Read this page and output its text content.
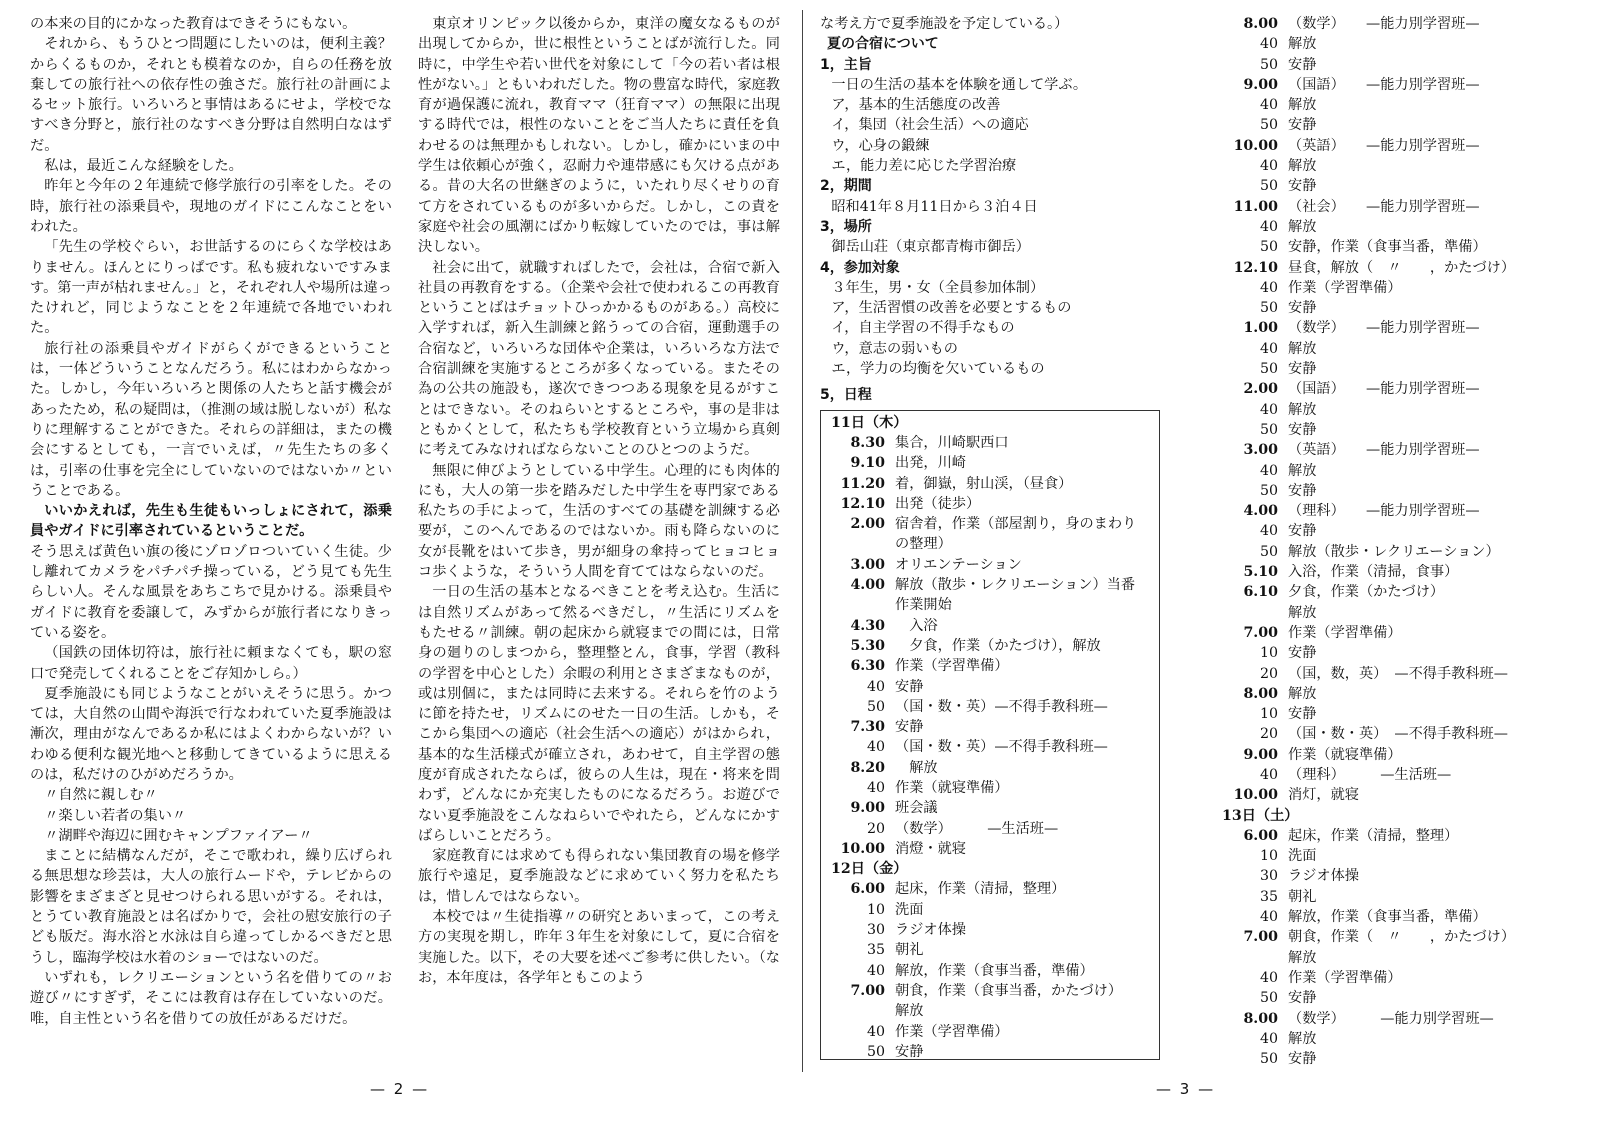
の本来の目的にかなった教育はできそうにもない。

それから、もうひとつ問題にしたいのは，便利主義？からくるものか，それとも模着なのか，自らの任務を放棄しての旅行社への依存性の強さだ。旅行社の計画によるセット旅行。いろいろと事情はあるにせよ，学校でなすべき分野と，旅行社のなすべき分野は自然明白なはずだ。

私は，最近こんな経験をした。

昨年と今年の２年連続で修学旅行の引率をした。その時，旅行社の添乗員や，現地のガイドにこんなことをいわれた。

「先生の学校ぐらい，お世話するのにらくな学校はありません。ほんとにりっぱです。私も疲れないですみます。第一声が枯れません。」と，それぞれ人や場所は違ったけれど，同じようなことを２年連続で各地でいわれた。

旅行社の添乗員やガイドがらくができるということは，一体どういうことなんだろう。私にはわからなかった。しかし，今年いろいろと関係の人たちと話す機会があったため，私の疑問は，（推測の域は脱しないが）私なりに理解することができた。それらの詳細は，またの機会にするとしても，一言でいえば，〃先生たちの多くは，引率の仕事を完全にしていないのではないか〃ということである。

いいかえれば，先生も生徒もいっしょにされて，添乗員やガイドに引率されているということだ。

そう思えば黄色い旗の後にゾロゾロついていく生徒。少し離れてカメラをパチパチ操っている，どう見ても先生らしい人。そんな風景をあちこちで見かける。添乗員やガイドに教育を委譲して，みずからが旅行者になりきっている姿を。

（国鉄の団体切符は，旅行社に頼まなくても，駅の窓口で発売してくれることをご存知かしら。）

夏季施設にも同じようなことがいえそうに思う。かつては，大自然の山間や海浜で行なわれていた夏季施設は漸次，理由がなんであるか私にはよくわからないが？いわゆる便利な観光地へと移動してきているように思えるのは，私だけのひがめだろうか。

〃自然に親しむ〃

〃楽しい若者の集い〃

〃湖畔や海辺に囲むキャンプファイアー〃

まことに結構なんだが，そこで歌われ，繰り広げられる無思想な珍芸は，大人の旅行ムードや，テレビからの影響をまざまざと見せつけられる思いがする。それは，とうてい教育施設とは名ばかりで，会社の慰安旅行の子ども版だ。海水浴と水泳は自ら違ってしかるべきだと思うし，臨海学校は水着のショーではないのだ。

いずれも，レクリエーションという名を借りての〃お遊び〃にすぎず，そこには教育は存在していないのだ。唯，自主性という名を借りての放任があるだけだ。

東京オリンピック以後からか，東洋の魔女なるものが出現してからか，世に根性ということばが流行した。同時に，中学生や若い世代を対象にして「今の若い者は根性がない。」ともいわれだした。物の豊富な時代，家庭教育が過保護に流れ，教育ママ（狂育ママ）の無限に出現する時代では，根性のないことをご当人たちに責任を負わせるのは無理かもしれない。しかし，確かにいまの中学生は依頼心が強く，忍耐力や連帯感にも欠ける点がある。昔の大名の世継ぎのように，いたれり尽くせりの育て方をされているものが多いからだ。しかし，この責を家庭や社会の風潮にばかり転嫁していたのでは，事は解決しない。

社会に出て，就職すればしたで，会社は，合宿で新入社員の再教育をする。（企業や会社で使われるこの再教育ということばはチョットひっかかるものがある。）高校に入学すれば，新入生訓練と銘うっての合宿，運動選手の合宿など，いろいろな団体や企業は，いろいろな方法で合宿訓練を実施するところが多くなっている。またその為の公共の施設も，遂次できつつある現象を見るがすことはできない。そのねらいとするところや，事の是非はともかくとして，私たちも学校教育という立場から真剣に考えてみなければならないことのひとつのようだ。

無限に伸びようとしている中学生。心理的にも肉体的にも，大人の第一歩を踏みだした中学生を専門家である私たちの手によって，生活のすべての基礎を訓練する必要が，このへんであるのではないか。雨も降らないのに女が長靴をはいて歩き，男が細身の傘持ってヒョコヒョコ歩くような，そういう人間を育ててはならないのだ。

一日の生活の基本となるべきことを考え込む。生活には自然リズムがあって然るべきだし，〃生活にリズムをもたせる〃訓練。朝の起床から就寝までの間には，日常身の廻りのしまつから，整理整とん，食事，学習（教科の学習を中心とした）余暇の利用とさまざまなものが，或は別個に，または同時に去来する。それらを竹のように節を持たせ，リズムにのせた一日の生活。しかも，そこから集団への適応（社会生活への適応）がはかられ，基本的な生活様式が確立され，あわせて，自主学習の態度が育成されたならば，彼らの人生は，現在・将来を問わず，どんなにか充実したものになるだろう。お遊びでない夏季施設をこんなねらいでやれたら，どんなにかすばらしいことだろう。

家庭教育には求めても得られない集団教育の場を修学旅行や遠足，夏季施設などに求めていく努力を私たちは，惜しんではならない。

本校では〃生徒指導〃の研究とあいまって，この考え方の実現を期し，昨年３年生を対象にして，夏に合宿を実施した。以下，その大要を述べご参考に供したい。（なお，本年度は，各学年ともこのよう

な考え方で夏季施設を予定している。）

夏の合宿について

1，主旨

一日の生活の基本を体験を通して学ぶ。

ア，基本的生活態度の改善

イ，集団（社会生活）への適応

ウ，心身の鍛練

エ，能力差に応じた学習治療

2，期間

昭和41年８月11日から３泊４日

3，場所

御岳山荘（東京都青梅市御岳）

4，参加対象

３年生，男・女（全員参加体制）

ア，生活習慣の改善を必要とするもの

イ，自主学習の不得手なもの

ウ，意志の弱いもの

エ，学力の均衡を欠いているもの

5，日程

11日（木）
8.30 集合，川崎駅西口
9.10 出発，川崎
11.20 着，御嶽，射山渓，（昼食）
12.10 出発（徒歩）
2.00 宿舎着，作業（部屋割り，身のまわり
の整理）
3.00 オリエンテーション
4.00 解放（散歩・レクリエーション）当番
作業開始
4.30 　入浴
5.30 　夕食，作業（かたづけ），解放
6.30 作業（学習準備）
40 安静
50 （国・数・英）—不得手教科班—
7.30 安静
40 （国・数・英）—不得手教科班—
8.20 　解放
40 作業（就寝準備）
9.00 班会議
20 （数学）　　　—生活班—
10.00 消燈・就寝
12日（金）
6.00 起床，作業（清掃，整理）
10 洗面
30 ラジオ体操
35 朝礼
40 解放，作業（食事当番，準備）
7.00 朝食，作業（食事当番，かたづけ）
解放
40 作業（学習準備）
50 安静
8.00 （数学）　　—能力別学習班—
40 解放
50 安静
9.00 （国語）　　—能力別学習班—
40 解放
50 安静
10.00 （英語）　　—能力別学習班—
40 解放
50 安静
11.00 （社会）　　—能力別学習班—
40 解放
50 安静，作業（食事当番，準備）
12.10 昼食，解放（　〃　　，かたづけ）
40 作業（学習準備）
50 安静
1.00 （数学）　　—能力別学習班—
40 解放
50 安静
2.00 （国語）　　—能力別学習班—
40 解放
50 安静
3.00 （英語）　　—能力別学習班—
40 解放
50 安静
4.00 （理科）　　—能力別学習班—
40 安静
50 解放（散歩・レクリエーション）
5.10 入浴，作業（清掃，食事）
6.10 夕食，作業（かたづけ）
解放
7.00 作業（学習準備）
10 安静
20 （国，数，英）　—不得手教科班—
8.00 解放
10 安静
20 （国・数・英）　—不得手教科班—
9.00 作業（就寝準備）
40 （理科）　　　—生活班—
10.00 消灯，就寝
13日（土）
6.00 起床，作業（清掃，整理）
10 洗面
30 ラジオ体操
35 朝礼
40 解放，作業（食事当番，準備）
7.00 朝食，作業（　〃　　，かたづけ）
解放
40 作業（学習準備）
50 安静
8.00 （数学）　　　—能力別学習班—
40 解放
50 安静
— 2 —	— 3 —
